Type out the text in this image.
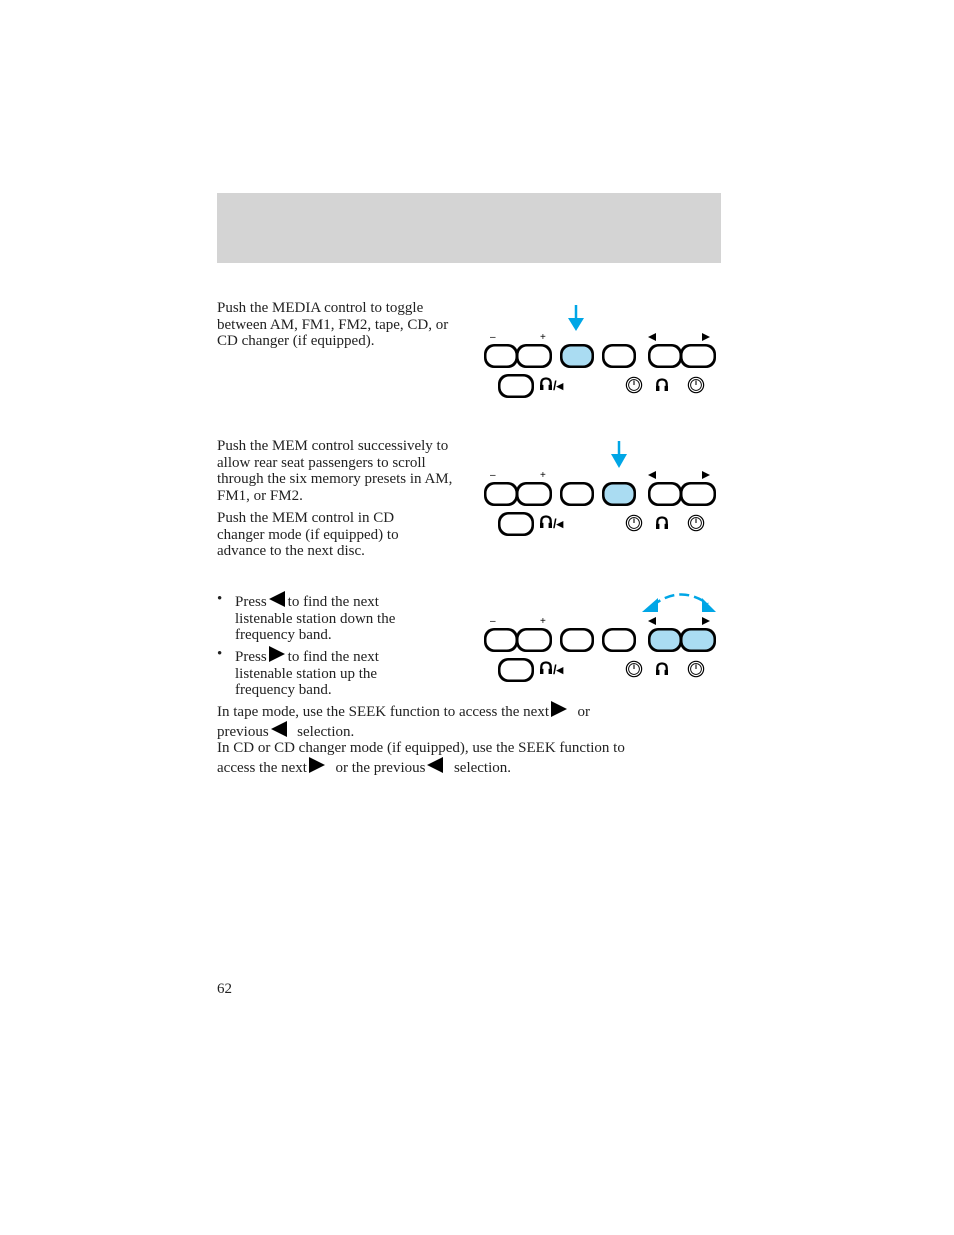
Push the MEDIA control to toggle between AM, FM1, FM2, tape, CD, or CD changer (if equipped).	–	+
/◂

Push the MEM control successively to allow rear seat passengers to scroll through the six memory presets in AM, FM1, or FM2.

Push the MEM control in CD changer mode (if equipped) to advance to the next disc.

–	+
/◂
• Press to find the next listenable station down the frequency band.
• Press to find the next listenable station up the frequency band.
–	+
/◂

In tape mode, use the SEEK function to access the next or
previous selection.

In CD or CD changer mode (if equipped), use the SEEK function to
access the next or the previous selection.

62
